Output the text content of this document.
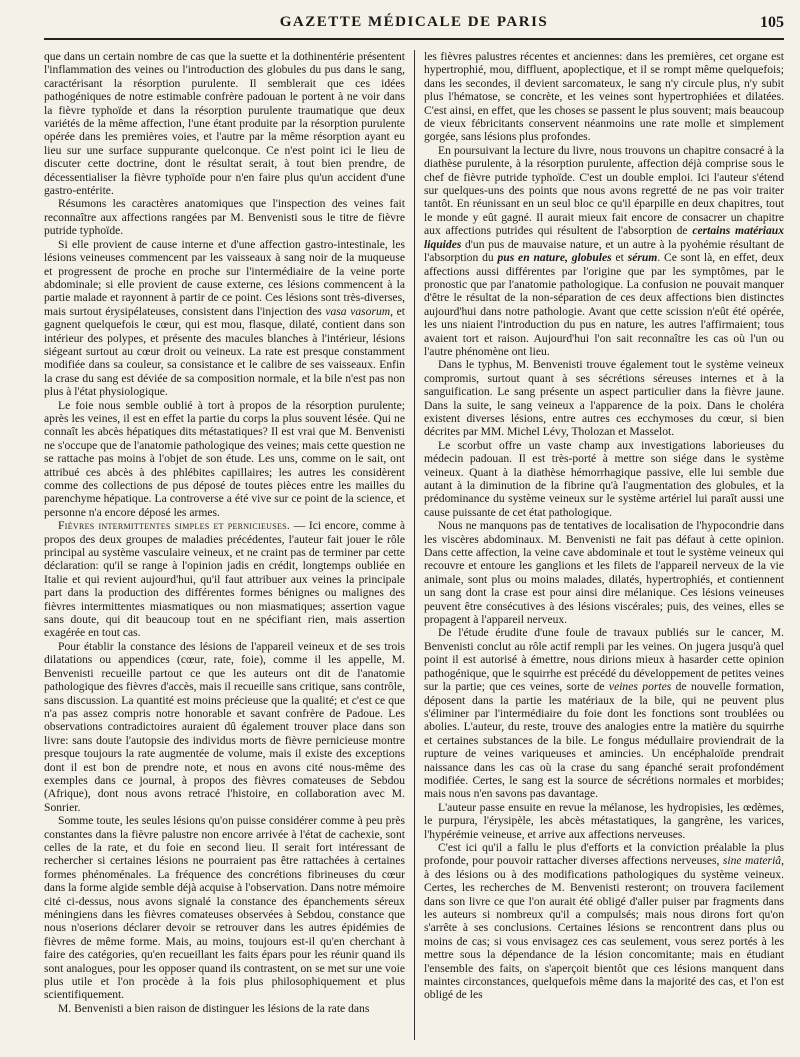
GAZETTE MÉDICALE DE PARIS	105

que dans un certain nombre de cas que la suette et la dothinentérie présentent l'inflammation des veines ou l'introduction des globules du pus dans le sang, caractérisant la résorption purulente. Il semblerait que ces idées pathogéniques de notre estimable confrère padouan le portent à ne voir dans la fièvre typhoïde et dans la résorption purulente traumatique que deux variétés de la même affection, l'une étant produite par la résorption purulente opérée dans les premières voies, et l'autre par la même résorption ayant eu lieu sur une surface suppurante quelconque. Ce n'est point ici le lieu de discuter cette doctrine, dont le résultat serait, à tout bien prendre, de décessentialiser la fièvre typhoïde pour n'en faire plus qu'un accident d'une gastro-entérite.

Résumons les caractères anatomiques que l'inspection des veines fait reconnaître aux affections rangées par M. Benvenisti sous le titre de fièvre putride typhoïde.

Si elle provient de cause interne et d'une affection gastro-intestinale, les lésions veineuses commencent par les vaisseaux à sang noir de la muqueuse et progressent de proche en proche sur l'intermédiaire de la veine porte abdominale; si elle provient de cause externe, ces lésions commencent à la partie malade et rayonnent à partir de ce point. Ces lésions sont très-diverses, mais surtout érysipélateuses, consistent dans l'injection des vasa vasorum, et gagnent quelquefois le cœur, qui est mou, flasque, dilaté, contient dans son intérieur des polypes, et présente des macules blanches à l'intérieur, lésions siégeant surtout au cœur droit ou veineux. La rate est presque constamment modifiée dans sa couleur, sa consistance et le calibre de ses vaisseaux. Enfin la crase du sang est déviée de sa composition normale, et la bile n'est pas non plus à l'état physiologique.

Le foie nous semble oublié à tort à propos de la résorption purulente; après les veines, il est en effet la partie du corps la plus souvent lésée. Qui ne connaît les abcès hépatiques dits métastatiques? Il est vrai que M. Benvenisti ne s'occupe que de l'anatomie pathologique des veines; mais cette question ne se rattache pas moins à l'objet de son étude. Les uns, comme on le sait, ont attribué ces abcès à des phlébites capillaires; les autres les considèrent comme des collections de pus déposé de toutes pièces entre les mailles du parenchyme hépatique. La controverse a été vive sur ce point de la science, et personne n'a encore déposé les armes.

Fièvres intermittentes simples et pernicieuses. — Ici encore, comme à propos des deux groupes de maladies précédentes, l'auteur fait jouer le rôle principal au système vasculaire veineux, et ne craint pas de terminer par cette déclaration: qu'il se range à l'opinion jadis en crédit, longtemps oubliée en Italie et qui revient aujourd'hui, qu'il faut attribuer aux veines la principale part dans la production des différentes formes bénignes ou malignes des fièvres intermittentes miasmatiques ou non miasmatiques; assertion vague sans doute, qui dit beaucoup tout en ne spécifiant rien, mais assertion exagérée en tout cas.

Pour établir la constance des lésions de l'appareil veineux et de ses trois dilatations ou appendices (cœur, rate, foie), comme il les appelle, M. Benvenisti recueille partout ce que les auteurs ont dit de l'anatomie pathologique des fièvres d'accès, mais il recueille sans critique, sans contrôle, sans discussion. La quantité est moins précieuse que la qualité; et c'est ce que n'a pas assez compris notre honorable et savant confrère de Padoue. Les observations contradictoires auraient dû également trouver place dans son livre: sans doute l'autopsie des individus morts de fièvre pernicieuse montre presque toujours la rate augmentée de volume, mais il existe des exceptions dont il est bon de prendre note, et nous en avons cité nous-même des exemples dans ce journal, à propos des fièvres comateuses de Sebdou (Afrique), dont nous avons retracé l'histoire, en collaboration avec M. Sonrier.

Somme toute, les seules lésions qu'on puisse considérer comme à peu près constantes dans la fièvre palustre non encore arrivée à l'état de cachexie, sont celles de la rate, et du foie en second lieu. Il serait fort intéressant de rechercher si certaines lésions ne pourraient pas être rattachées à certaines formes phénoménales. La fréquence des concrétions fibrineuses du cœur dans la forme algide semble déjà acquise à l'observation. Dans notre mémoire cité ci-dessus, nous avons signalé la constance des épanchements séreux méningiens dans les fièvres comateuses observées à Sebdou, constance que nous n'oserions déclarer devoir se retrouver dans les autres épidémies de fièvres de même forme. Mais, au moins, toujours est-il qu'en cherchant à faire des catégories, qu'en recueillant les faits épars pour les réunir quand ils sont analogues, pour les opposer quand ils contrastent, on se met sur une voie plus utile et l'on procède à la fois plus philosophiquement et plus scientifiquement.

M. Benvenisti a bien raison de distinguer les lésions de la rate dans

les fièvres palustres récentes et anciennes: dans les premières, cet organe est hypertrophié, mou, diffluent, apoplectique, et il se rompt même quelquefois; dans les secondes, il devient sarcomateux, le sang n'y circule plus, n'y subit plus l'hématose, se concrète, et les veines sont hypertrophiées et dilatées. C'est ainsi, en effet, que les choses se passent le plus souvent; mais beaucoup de vieux fébricitants conservent néanmoins une rate molle et simplement gorgée, sans lésions plus profondes.

En poursuivant la lecture du livre, nous trouvons un chapitre consacré à la diathèse purulente, à la résorption purulente, affection déjà comprise sous le chef de fièvre putride typhoïde. C'est un double emploi. Ici l'auteur s'étend sur quelques-uns des points que nous avons regretté de ne pas voir traiter tantôt. En réunissant en un seul bloc ce qu'il éparpille en deux chapitres, tout le monde y eût gagné. Il aurait mieux fait encore de consacrer un chapitre aux affections putrides qui résultent de l'absorption de certains matériaux liquides d'un pus de mauvaise nature, et un autre à la pyohémie résultant de l'absorption du pus en nature, globules et sérum. Ce sont là, en effet, deux affections aussi différentes par l'origine que par les symptômes, par le pronostic que par l'anatomie pathologique. La confusion ne pouvait manquer d'être le résultat de la non-séparation de ces deux affections bien distinctes aujourd'hui dans notre pathologie. Avant que cette scission n'eût été opérée, les uns niaient l'introduction du pus en nature, les autres l'affirmaient; tous avaient tort et raison. Aujourd'hui l'on sait reconnaître les cas où l'un ou l'autre phénomène ont lieu.

Dans le typhus, M. Benvenisti trouve également tout le système veineux compromis, surtout quant à ses sécrétions séreuses internes et à la sanguification. Le sang présente un aspect particulier dans la fièvre jaune. Dans la suite, le sang veineux a l'apparence de la poix. Dans le choléra existent diverses lésions, entre autres ces ecchymoses du cœur, si bien décrites par MM. Michel Lévy, Tholozan et Masselot.

Le scorbut offre un vaste champ aux investigations laborieuses du médecin padouan. Il est très-porté à mettre son siége dans le système veineux. Quant à la diathèse hémorrhagique passive, elle lui semble due autant à la diminution de la fibrine qu'à l'augmentation des globules, et la prédominance du système veineux sur le système artériel lui paraît aussi une cause puissante de cet état pathologique.

Nous ne manquons pas de tentatives de localisation de l'hypocondrie dans les viscères abdominaux. M. Benvenisti ne fait pas défaut à cette opinion. Dans cette affection, la veine cave abdominale et tout le système veineux qui recouvre et entoure les ganglions et les filets de l'appareil nerveux de la vie animale, sont plus ou moins malades, dilatés, hypertrophiés, et contiennent un sang dont la crase est pour ainsi dire mélanique. Ces lésions veineuses peuvent être consécutives à des lésions viscérales; puis, des veines, elles se propagent à l'appareil nerveux.

De l'étude érudite d'une foule de travaux publiés sur le cancer, M. Benvenisti conclut au rôle actif rempli par les veines. On jugera jusqu'à quel point il est autorisé à émettre, nous dirions mieux à hasarder cette opinion pathogénique, que le squirrhe est précédé du développement de petites veines sur la partie; que ces veines, sorte de veines portes de nouvelle formation, déposent dans la partie les matériaux de la bile, qui ne peuvent plus s'éliminer par l'intermédiaire du foie dont les fonctions sont troublées ou abolies. L'auteur, du reste, trouve des analogies entre la matière du squirrhe et certaines substances de la bile. Le fongus médullaire proviendrait de la rupture de veines variqueuses et amincies. Un encéphaloïde prendrait naissance dans les cas où la crase du sang épanché serait profondément modifiée. Certes, le sang est la source de sécrétions normales et morbides; mais nous n'en savons pas davantage.

L'auteur passe ensuite en revue la mélanose, les hydropisies, les œdèmes, le purpura, l'érysipèle, les abcès métastatiques, la gangrène, les varices, l'hypérémie veineuse, et arrive aux affections nerveuses.

C'est ici qu'il a fallu le plus d'efforts et la conviction préalable la plus profonde, pour pouvoir rattacher diverses affections nerveuses, sine materiâ, à des lésions ou à des modifications pathologiques du système veineux. Certes, les recherches de M. Benvenisti resteront; on trouvera facilement dans son livre ce que l'on aurait été obligé d'aller puiser par fragments dans les auteurs si nombreux qu'il a compulsés; mais nous dirons fort qu'on s'arrête à ses conclusions. Certaines lésions se rencontrent dans plus ou moins de cas; si vous envisagez ces cas seulement, vous serez portés à les mettre sous la dépendance de la lésion concomitante; mais en étudiant l'ensemble des faits, on s'aperçoit bientôt que ces lésions manquent dans maintes circonstances, quelquefois même dans la majorité des cas, et l'on est obligé de les
